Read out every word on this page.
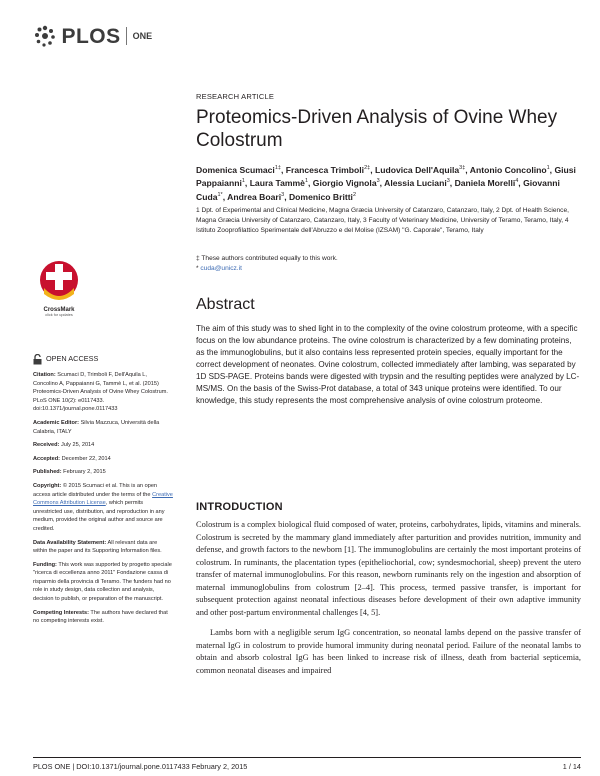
PLOS $^{ONE}$
RESEARCH ARTICLE
Proteomics-Driven Analysis of Ovine Whey Colostrum
Domenica Scumaci$^{1\ddagger}$, Francesca Trimboli$^{2\ddagger}$, Ludovica Dell'Aquila$^{3\ddagger}$, Antonio Concolino$^1$, Giusi Pappaianni$^1$, Laura Tammè$^1$, Giorgio Vignola$^3$, Alessia Luciani$^3$, Daniela Morelli$^4$, Giovanni Cuda$^{1*}$, Andrea Boari$^3$, Domenico Britti$^2$
1 Dpt. of Experimental and Clinical Medicine, Magna Græcia University of Catanzaro, Catanzaro, Italy, 2 Dpt. of Health Science, Magna Græcia University of Catanzaro, Catanzaro, Italy, 3 Faculty of Veterinary Medicine, University of Teramo, Teramo, Italy, 4 Istituto Zooprofilattico Sperimentale dell'Abruzzo e del Molise (IZSAM) "G. Caporale", Teramo, Italy
‡ These authors contributed equally to this work.
* cuda@unicz.it
CrossMark
click for updates
OPEN ACCESS
Citation: Scumaci D, Trimboli F, Dell'Aquila L, Concolino A, Pappaianni G, Tammè L, et al. (2015) Proteomics-Driven Analysis of Ovine Whey Colostrum. PLoS ONE 10(2): e0117433. doi:10.1371/journal.pone.0117433
Academic Editor: Silvia Mazzuca, Università della Calabria, ITALY
Received: July 25, 2014
Accepted: December 22, 2014
Published: February 2, 2015
Copyright: © 2015 Scumaci et al. This is an open access article distributed under the terms of the Creative Commons Attribution License, which permits unrestricted use, distribution, and reproduction in any medium, provided the original author and source are credited.
Data Availability Statement: All relevant data are within the paper and its Supporting Information files.
Funding: This work was supported by progetto speciale "ricerca di eccellenza anno 2011" Fondazione cassa di risparmio della provincia di Teramo. The funders had no role in study design, data collection and analysis, decision to publish, or preparation of the manuscript.
Competing Interests: The authors have declared that no competing interests exist.
Abstract
The aim of this study was to shed light in to the complexity of the ovine colostrum proteome, with a specific focus on the low abundance proteins. The ovine colostrum is characterized by a few dominating proteins, as the immunoglobulins, but it also contains less represented protein species, equally important for the correct development of neonates. Ovine colostrum, collected immediately after lambing, was separated by 1D SDS-PAGE. Proteins bands were digested with trypsin and the resulting peptides were analyzed by LC-MS/MS. On the basis of the Swiss-Prot database, a total of 343 unique proteins were identified. To our knowledge, this study represents the most comprehensive analysis of ovine colostrum proteome.
INTRODUCTION

Colostrum is a complex biological fluid composed of water, proteins, carbohydrates, lipids, vitamins and minerals. Colostrum is secreted by the mammary gland immediately after parturition and provides nutrition, immunity and defense, and growth factors to the newborn [1]. The immunoglobulins are certainly the most important proteins of colostrum. In ruminants, the placentation types (epitheliochorial, cow; syndesmochorial, sheep) prevent the utero transfer of maternal immunoglobulins. For this reason, newborn ruminants rely on the ingestion and absorption of maternal immunoglobulins from colostrum [2–4]. This process, termed passive transfer, is important for subsequent protection against neonatal infectious diseases before development of their own adaptive immunity and other post-partum environmental challenges [4, 5].

Lambs born with a negligible serum IgG concentration, so neonatal lambs depend on the passive transfer of maternal IgG in colostrum to provide humoral immunity during neonatal period. Failure of the neonatal lambs to obtain and absorb colostral IgG has been linked to increase risk of illness, death from bacterial septicemia, common neonatal diseases and impaired

PLOS ONE | DOI:10.1371/journal.pone.0117433 February 2, 2015	1 / 14
